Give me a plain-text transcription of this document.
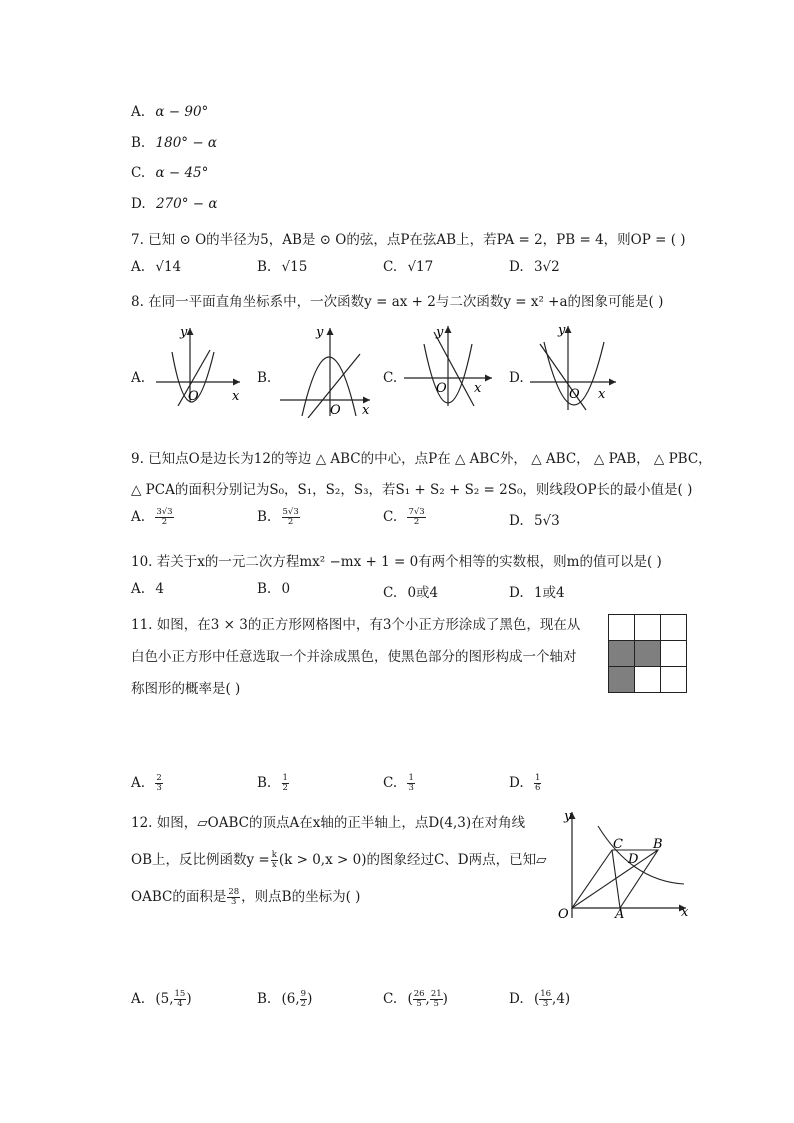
A. α − 90°
B. 180° − α
C. α − 45°
D. 270° − α
7. 已知 ⊙ O的半径为5，AB是 ⊙ O的弦，点P在弦AB上，若PA = 2，PB = 4，则OP = ( )
A. √14	B. √15	C. √17	D. 3√2
8. 在同一平面直角坐标系中，一次函数y = ax + 2与二次函数y = x² +a的图象可能是( )
A.
y
x
O
B.
y
x
O
C.
y
x
O
D.
y
x
O
9. 已知点O是边长为12的等边 △ ABC的中心，点P在 △ ABC外， △ ABC， △ PAB， △ PBC，
△ PCA的面积分别记为S₀，S₁，S₂，S₃，若S₁ + S₂ + S₂ = 2S₀，则线段OP长的最小值是( )
A. $\frac{3√3}{2}$	B. $\frac{5√3}{2}$	C. $\frac{7√3}{2}$	D. 5√3
10. 若关于x的一元二次方程mx² −mx + 1 = 0有两个相等的实数根，则m的值可以是( )
A. 4	B. 0	C. 0或4	D. 1或4
11. 如图，在3 × 3的正方形网格图中，有3个小正方形涂成了黑色，现在从
白色小正方形中任意选取一个并涂成黑色，使黑色部分的图形构成一个轴对
称图形的概率是( )
A. $\frac{2}{3}$	B. $\frac{1}{2}$	C. $\frac{1}{3}$	D. $\frac{1}{6}$
12. 如图，▱OABC的顶点A在x轴的正半轴上，点D(4,3)在对角线
OB上，反比例函数$y = \frac{k}{x} (k > 0,x > 0)$的图象经过C、D两点，已知▱
OABC的面积是 $\frac{28}{3}$ ，则点B的坐标为( )
y
x
O	A
B
C
D
A. (5, $\frac{15}{4}$ )	B. (6, $\frac{9}{2}$ )	C. ( $\frac{26}{5}$ , $\frac{21}{5}$ )	D. ( $\frac{16}{3} ,4$)
